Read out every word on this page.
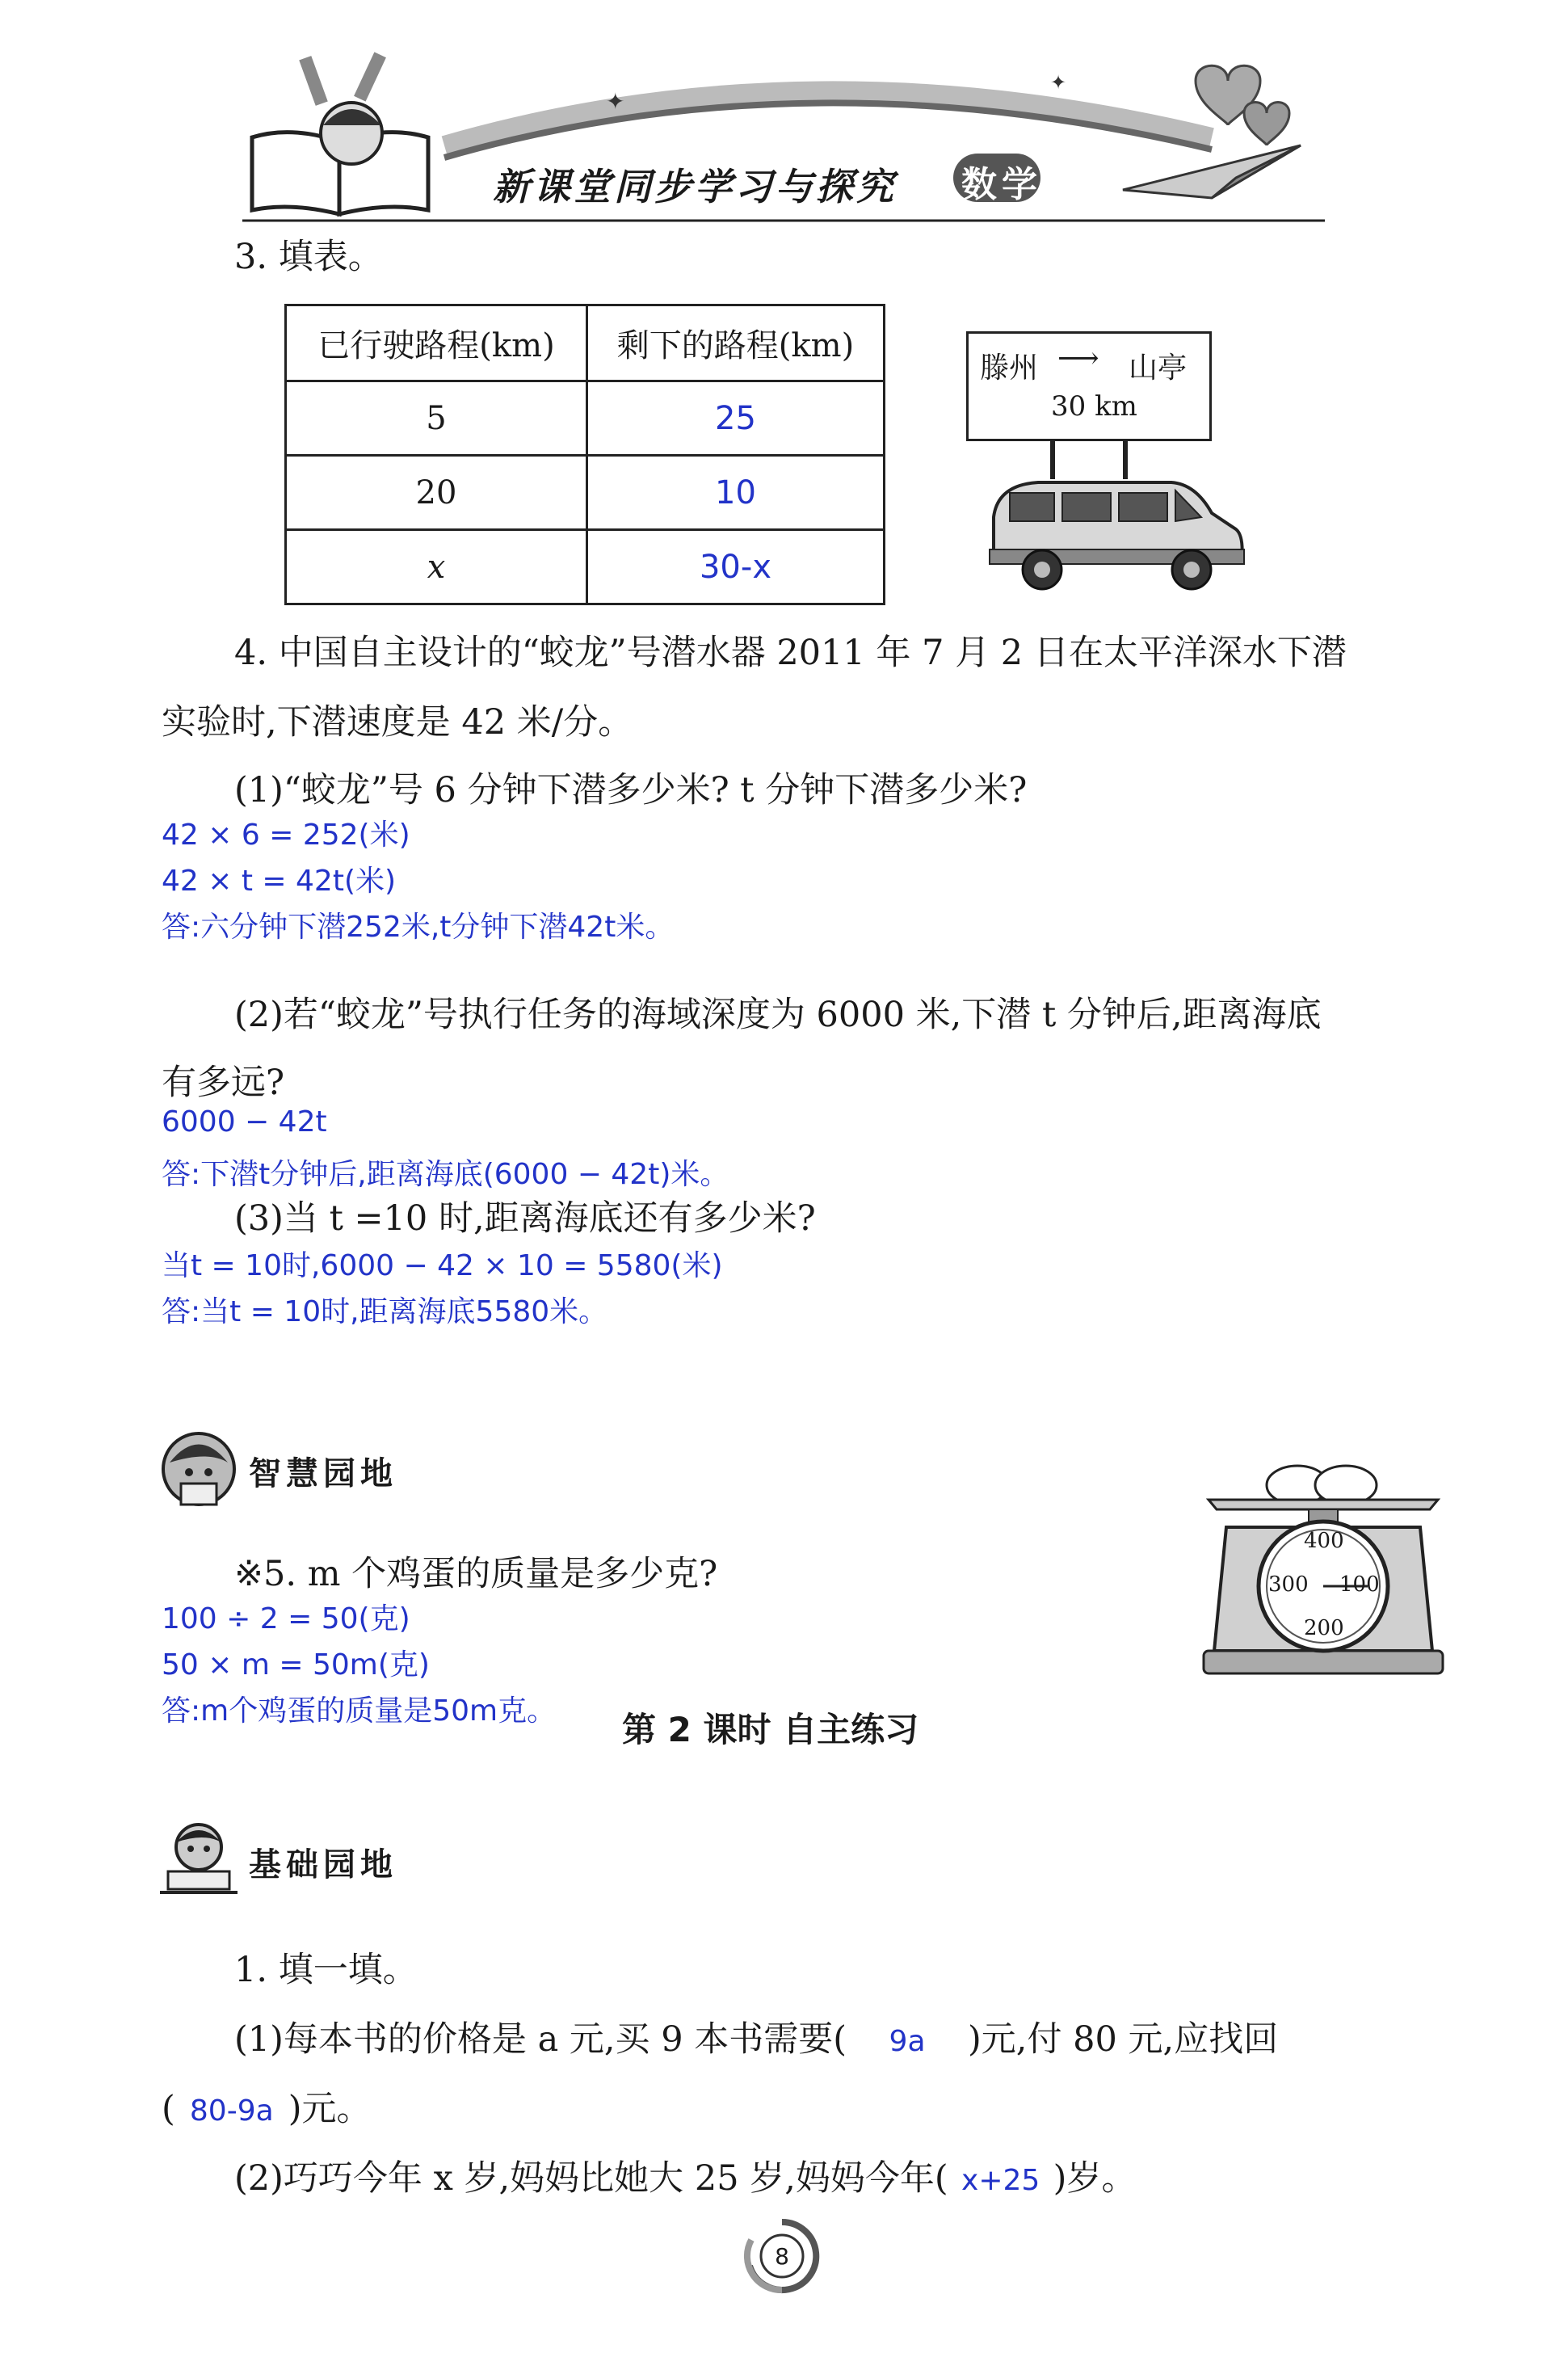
✦
✦
新课堂同步学习与探究 数学
3. 填表。
已行驶路程(km)	剩下的路程(km)
5	25
20	10
x	30-x
滕州 ⟶ 山亭
30 km
4. 中国自主设计的“蛟龙”号潜水器 2011 年 7 月 2 日在太平洋深水下潜
实验时,下潜速度是 42 米/分。
(1)“蛟龙”号 6 分钟下潜多少米? t 分钟下潜多少米?
42 × 6 = 252(米)
42 × t = 42t(米)
答:六分钟下潜252米,t分钟下潜42t米。
(2)若“蛟龙”号执行任务的海域深度为 6000 米,下潜 t 分钟后,距离海底
有多远?
6000 − 42t
答:下潜t分钟后,距离海底(6000 − 42t)米。
(3)当 t =10 时,距离海底还有多少米?
当t = 10时,6000 − 42 × 10 = 5580(米)
答:当t = 10时,距离海底5580米。
智慧园地
※5. m 个鸡蛋的质量是多少克?
100 ÷ 2 = 50(克)
50 × m = 50m(克)
答:m个鸡蛋的质量是50m克。
400
300 100
200
第 2 课时 自主练习
基础园地
1. 填一填。
(1)每本书的价格是 a 元,买 9 本书需要( 9a )元,付 80 元,应找回
( 80-9a )元。
(2)巧巧今年 x 岁,妈妈比她大 25 岁,妈妈今年( x+25 )岁。
8
